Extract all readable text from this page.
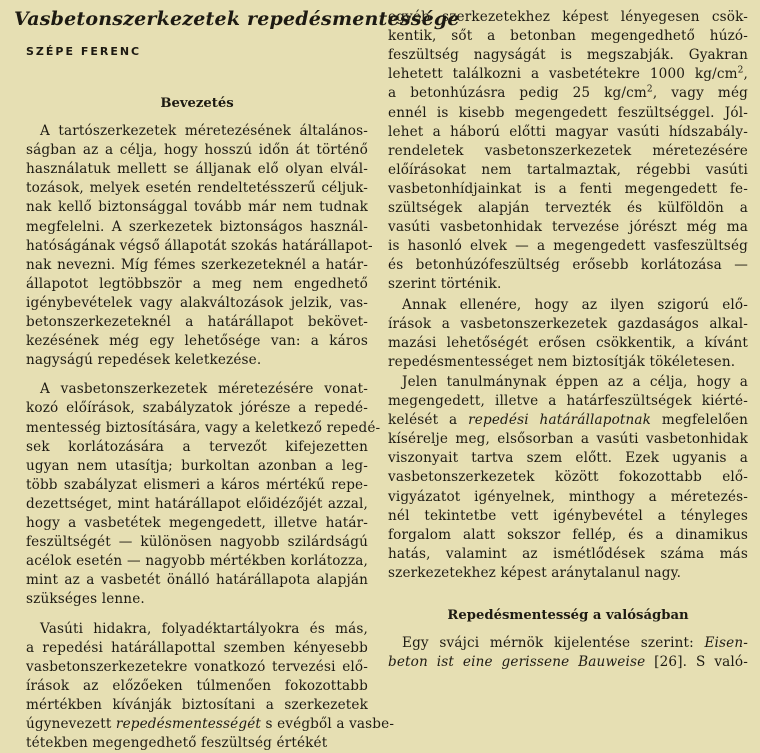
Vasbetonszerkezetek repedésmentessége
SZÉPE FERENC
Bevezetés
A tartószerkezetek méretezésének általános-
ságban az a célja, hogy hosszú időn át történő
használatuk mellett se álljanak elő olyan elvál-
tozások, melyek esetén rendeltetésszerű céljuk-
nak kellő biztonsággal tovább már nem tudnak
megfelelni. A szerkezetek biztonságos használ-
hatóságának végső állapotát szokás határállapot-
nak nevezni. Míg fémes szerkezeteknél a határ-
állapotot legtöbbször a meg nem engedhető
igénybevételek vagy alakváltozások jelzik, vas-
betonszerkezeteknél a határállapot bekövet-
kezésének még egy lehetősége van: a káros
nagyságú repedések keletkezése.
A vasbetonszerkezetek méretezésére vonat-
kozó előírások, szabályzatok jórésze a repedé-
mentesség biztosítására, vagy a keletkező repedé-
sek korlátozására a tervezőt kifejezetten
ugyan nem utasítja; burkoltan azonban a leg-
több szabályzat elismeri a káros mértékű repe-
dezettséget, mint határállapot előidézőjét azzal,
hogy a vasbetétek megengedett, illetve határ-
feszültségét — különösen nagyobb szilárdságú
acélok esetén — nagyobb mértékben korlátozza,
mint az a vasbetét önálló határállapota alapján
szükséges lenne.
Vasúti hidakra, folyadéktartályokra és más,
a repedési határállapottal szemben kényesebb
vasbetonszerkezetekre vonatkozó tervezési elő-
írások az előzőeken túlmenően fokozottabb
mértékben kívánják biztosítani a szerkezetek
úgynevezett repedésmentességét s evégből a vasbe-
tétekben megengedhető feszültség értékét
egyéb szerkezetekhez képest lényegesen csök-
kentik, sőt a betonban megengedhető húzó-
feszültség nagyságát is megszabják. Gyakran
lehetett találkozni a vasbetétekre 1000 $kg/cm^2$,
a betonhúzásra pedig 25 $kg/cm^2$, vagy még
ennél is kisebb megengedett feszültséggel. Jól-
lehet a háború előtti magyar vasúti hídszabály-
rendeletek vasbetonszerkezetek méretezésére
előírásokat nem tartalmaztak, régebbi vasúti
vasbetonhídjainkat is a fenti megengedett fe-
szültségek alapján tervezték és külföldön a
vasúti vasbetonhidak tervezése jórészt még ma
is hasonló elvek — a megengedett vasfeszültség
és betonhúzófeszültség erősebb korlátozása —
szerint történik.
Annak ellenére, hogy az ilyen szigorú elő-
írások a vasbetonszerkezetek gazdaságos alkal-
mazási lehetőségét erősen csökkentik, a kívánt
repedésmentességet nem biztosítják tökéletesen.
Jelen tanulmánynak éppen az a célja, hogy a
megengedett, illetve a határfeszültségek kiérté-
kelését a repedési határállapotnak megfelelően
kísérelje meg, elsősorban a vasúti vasbetonhidak
viszonyait tartva szem előtt. Ezek ugyanis a
vasbetonszerkezetek között fokozottabb elő-
vigyázatot igényelnek, minthogy a méretezés-
nél tekintetbe vett igénybevétel a tényleges
forgalom alatt sokszor fellép, és a dinamikus
hatás, valamint az ismétlődések száma más
szerkezetekhez képest aránytalanul nagy.
Egy svájci mérnök kijelentése szerint: Eisen-
beton ist eine gerissene Bauweise [26]. S való-
Repedésmentesség a valóságban
